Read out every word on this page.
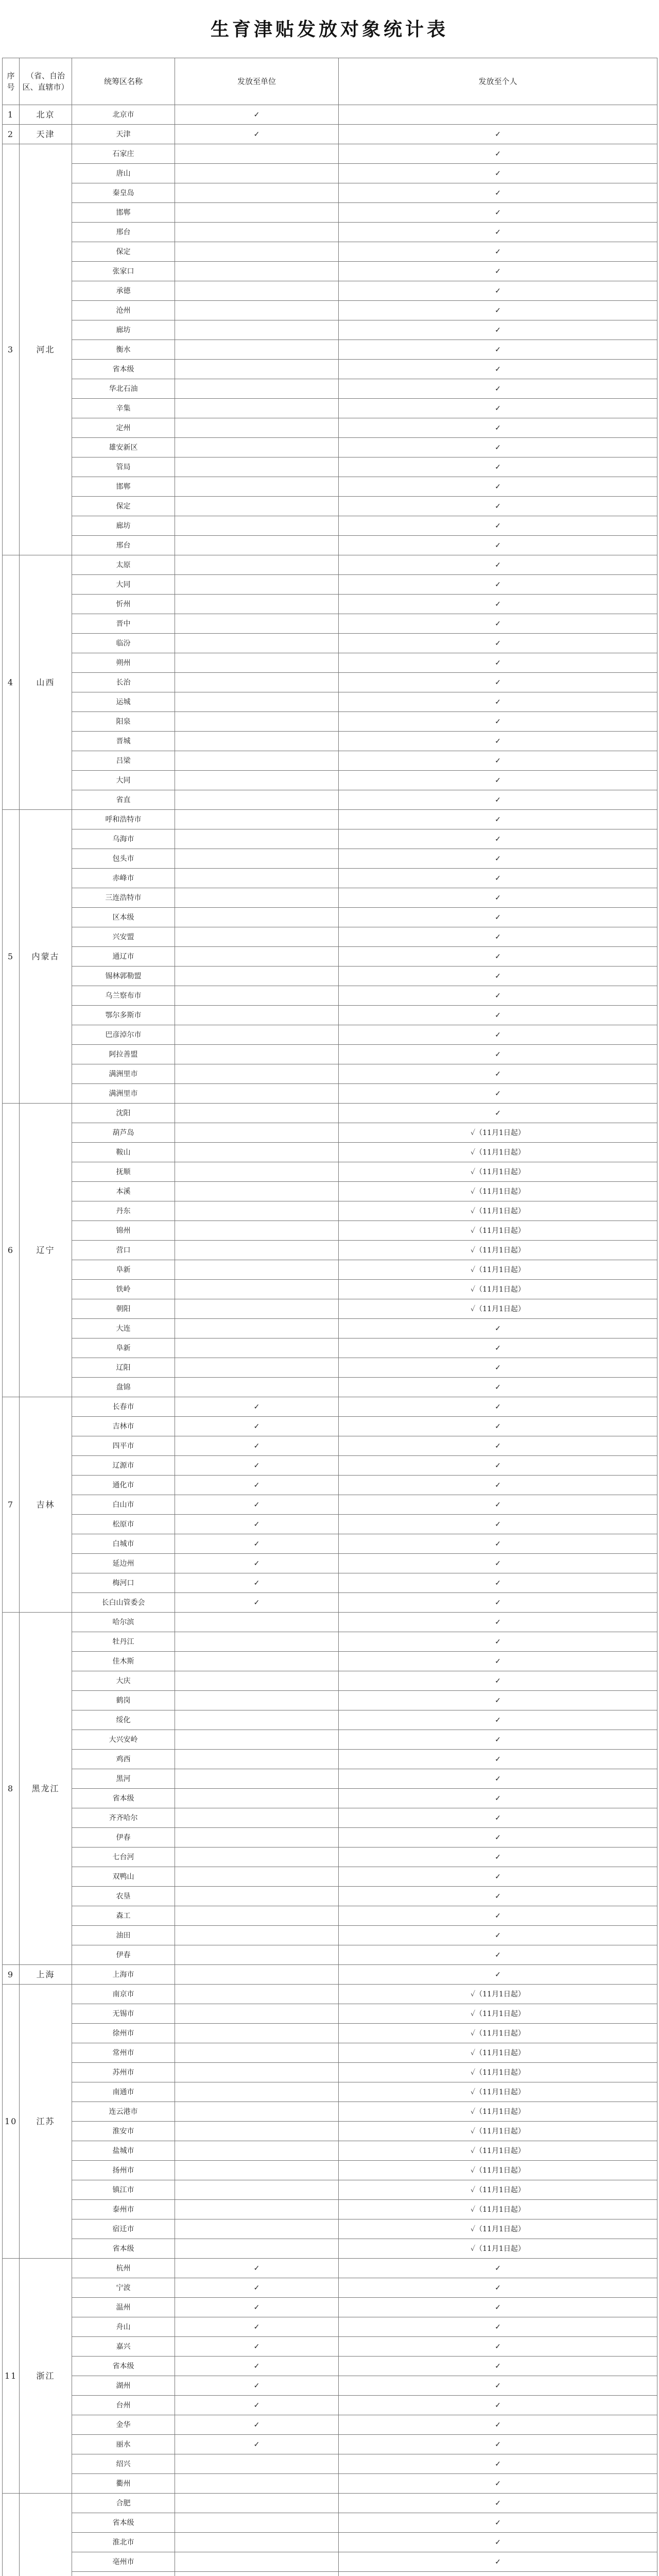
生育津贴发放对象统计表
序号	（省、自治区、直辖市）	统筹区名称	发放至单位	发放至个人
1	北京	北京市	✓	
2	天津	天津	✓	✓
3	河北	石家庄		✓
		唐山		✓
		秦皇岛		✓
		邯郸		✓
		邢台		✓
		保定		✓
		张家口		✓
		承德		✓
		沧州		✓
		廊坊		✓
		衡水		✓
		省本级		✓
		华北石油		✓
		辛集		✓
		定州		✓
		雄安新区		✓
		管局		✓
		邯郸		✓
		保定		✓
		廊坊		✓
		邢台		✓
4	山西	太原		✓
		大同		✓
		忻州		✓
		晋中		✓
		临汾		✓
		朔州		✓
		长治		✓
		运城		✓
		阳泉		✓
		晋城		✓
		吕梁		✓
		大同		✓
		省直		✓
5	内蒙古	呼和浩特市		✓
		乌海市		✓
		包头市		✓
		赤峰市		✓
		三连浩特市		✓
		区本级		✓
		兴安盟		✓
		通辽市		✓
		锡林郭勒盟		✓
		乌兰察布市		✓
		鄂尔多斯市		✓
		巴彦淖尔市		✓
		阿拉善盟		✓
		满洲里市		✓
		满洲里市		✓
6	辽宁	沈阳		✓
		葫芦岛		✓（11月1日起）
		鞍山		✓（11月1日起）
		抚顺		✓（11月1日起）
		本溪		✓（11月1日起）
		丹东		✓（11月1日起）
		锦州		✓（11月1日起）
		营口		✓（11月1日起）
		阜新		✓（11月1日起）
		铁岭		✓（11月1日起）
		朝阳		✓（11月1日起）
		大连		✓
		阜新		✓
		辽阳		✓
		盘锦		✓
7	吉林	长春市	✓	✓
		吉林市	✓	✓
		四平市	✓	✓
		辽源市	✓	✓
		通化市	✓	✓
		白山市	✓	✓
		松原市	✓	✓
		白城市	✓	✓
		延边州	✓	✓
		梅河口	✓	✓
		长白山管委会	✓	✓
8	黑龙江	哈尔滨		✓
		牡丹江		✓
		佳木斯		✓
		大庆		✓
		鹤岗		✓
		绥化		✓
		大兴安岭		✓
		鸡西		✓
		黑河		✓
		省本级		✓
		齐齐哈尔		✓
		伊春		✓
		七台河		✓
		双鸭山		✓
		农垦		✓
		森工		✓
		油田		✓
		伊春		✓
9	上海	上海市		✓
10	江苏	南京市		✓（11月1日起）
		无锡市		✓（11月1日起）
		徐州市		✓（11月1日起）
		常州市		✓（11月1日起）
		苏州市		✓（11月1日起）
		南通市		✓（11月1日起）
		连云港市		✓（11月1日起）
		淮安市		✓（11月1日起）
		盐城市		✓（11月1日起）
		扬州市		✓（11月1日起）
		镇江市		✓（11月1日起）
		泰州市		✓（11月1日起）
		宿迁市		✓（11月1日起）
		省本级		✓（11月1日起）
11	浙江	杭州	✓	✓
		宁波	✓	✓
		温州	✓	✓
		舟山	✓	✓
		嘉兴	✓	✓
		省本级	✓	✓
		湖州	✓	✓
		台州	✓	✓
		金华	✓	✓
		丽水	✓	✓
		绍兴		✓
		衢州		✓
		合肥		✓
		省本级		✓
		淮北市		✓
		亳州市		✓
